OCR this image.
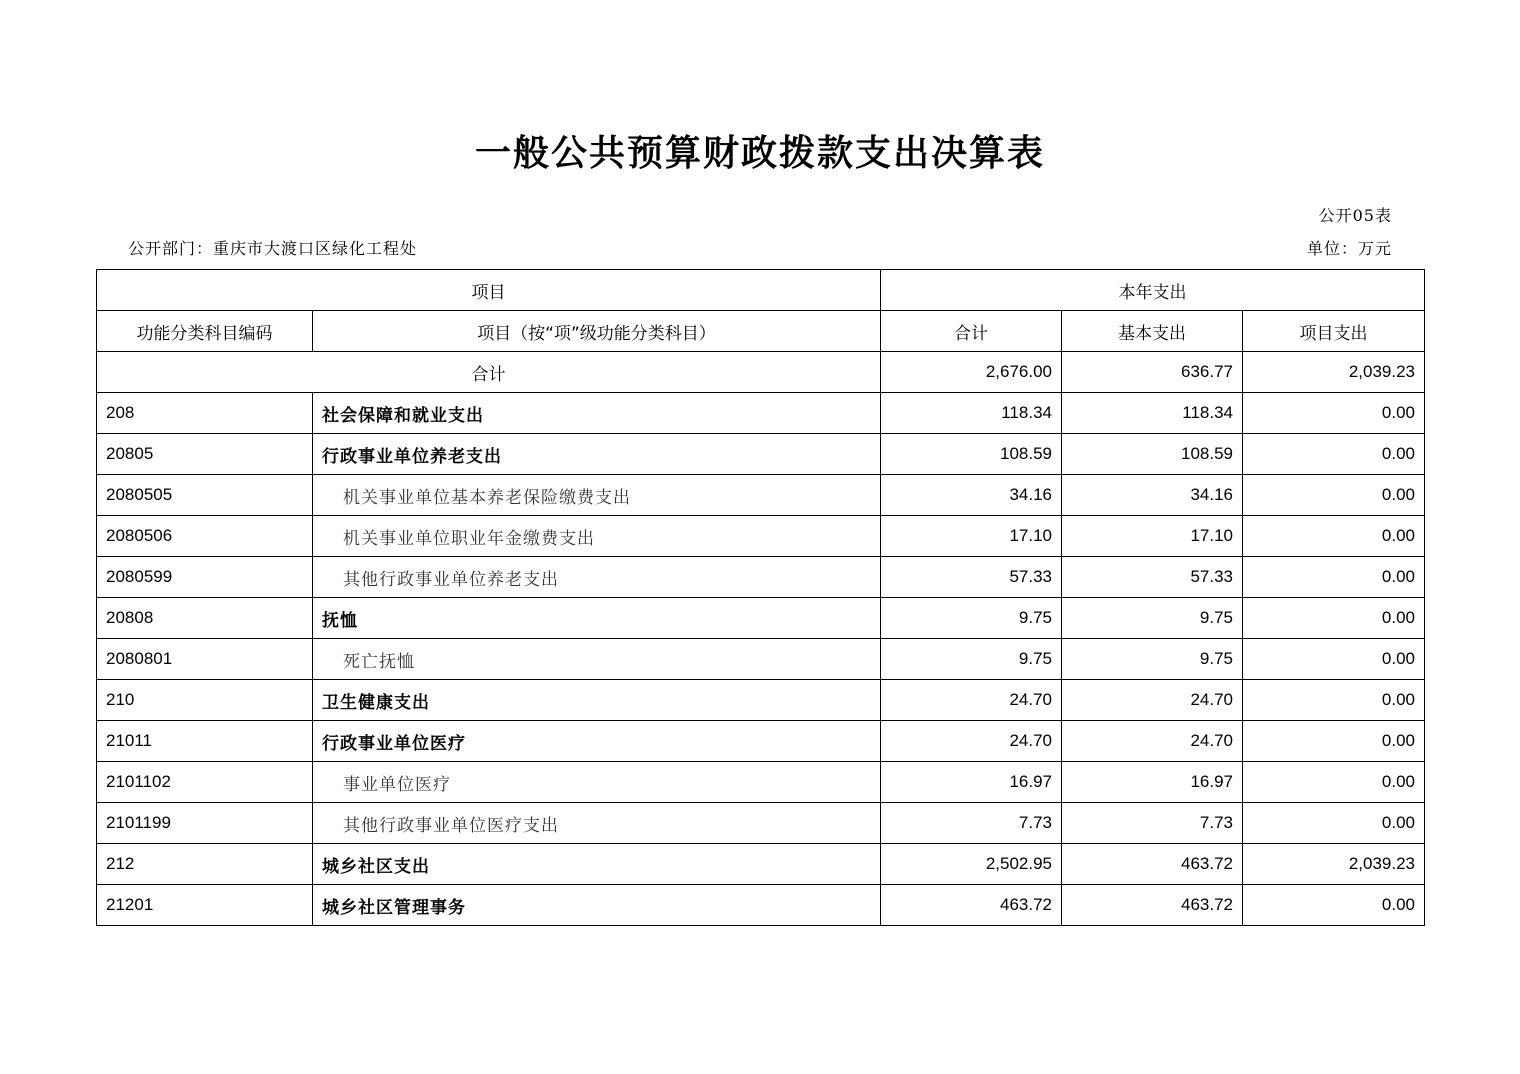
一般公共预算财政拨款支出决算表
公开05表
公开部门：重庆市大渡口区绿化工程处	单位：万元
项目		本年支出		
功能分类科目编码	项目（按“项”级功能分类科目）	合计	基本支出	项目支出
合计		2,676.00	636.77	2,039.23
208	社会保障和就业支出	118.34	118.34	0.00
20805	行政事业单位养老支出	108.59	108.59	0.00
2080505	机关事业单位基本养老保险缴费支出	34.16	34.16	0.00
2080506	机关事业单位职业年金缴费支出	17.10	17.10	0.00
2080599	其他行政事业单位养老支出	57.33	57.33	0.00
20808	抚恤	9.75	9.75	0.00
2080801	死亡抚恤	9.75	9.75	0.00
210	卫生健康支出	24.70	24.70	0.00
21011	行政事业单位医疗	24.70	24.70	0.00
2101102	事业单位医疗	16.97	16.97	0.00
2101199	其他行政事业单位医疗支出	7.73	7.73	0.00
212	城乡社区支出	2,502.95	463.72	2,039.23
21201	城乡社区管理事务	463.72	463.72	0.00
